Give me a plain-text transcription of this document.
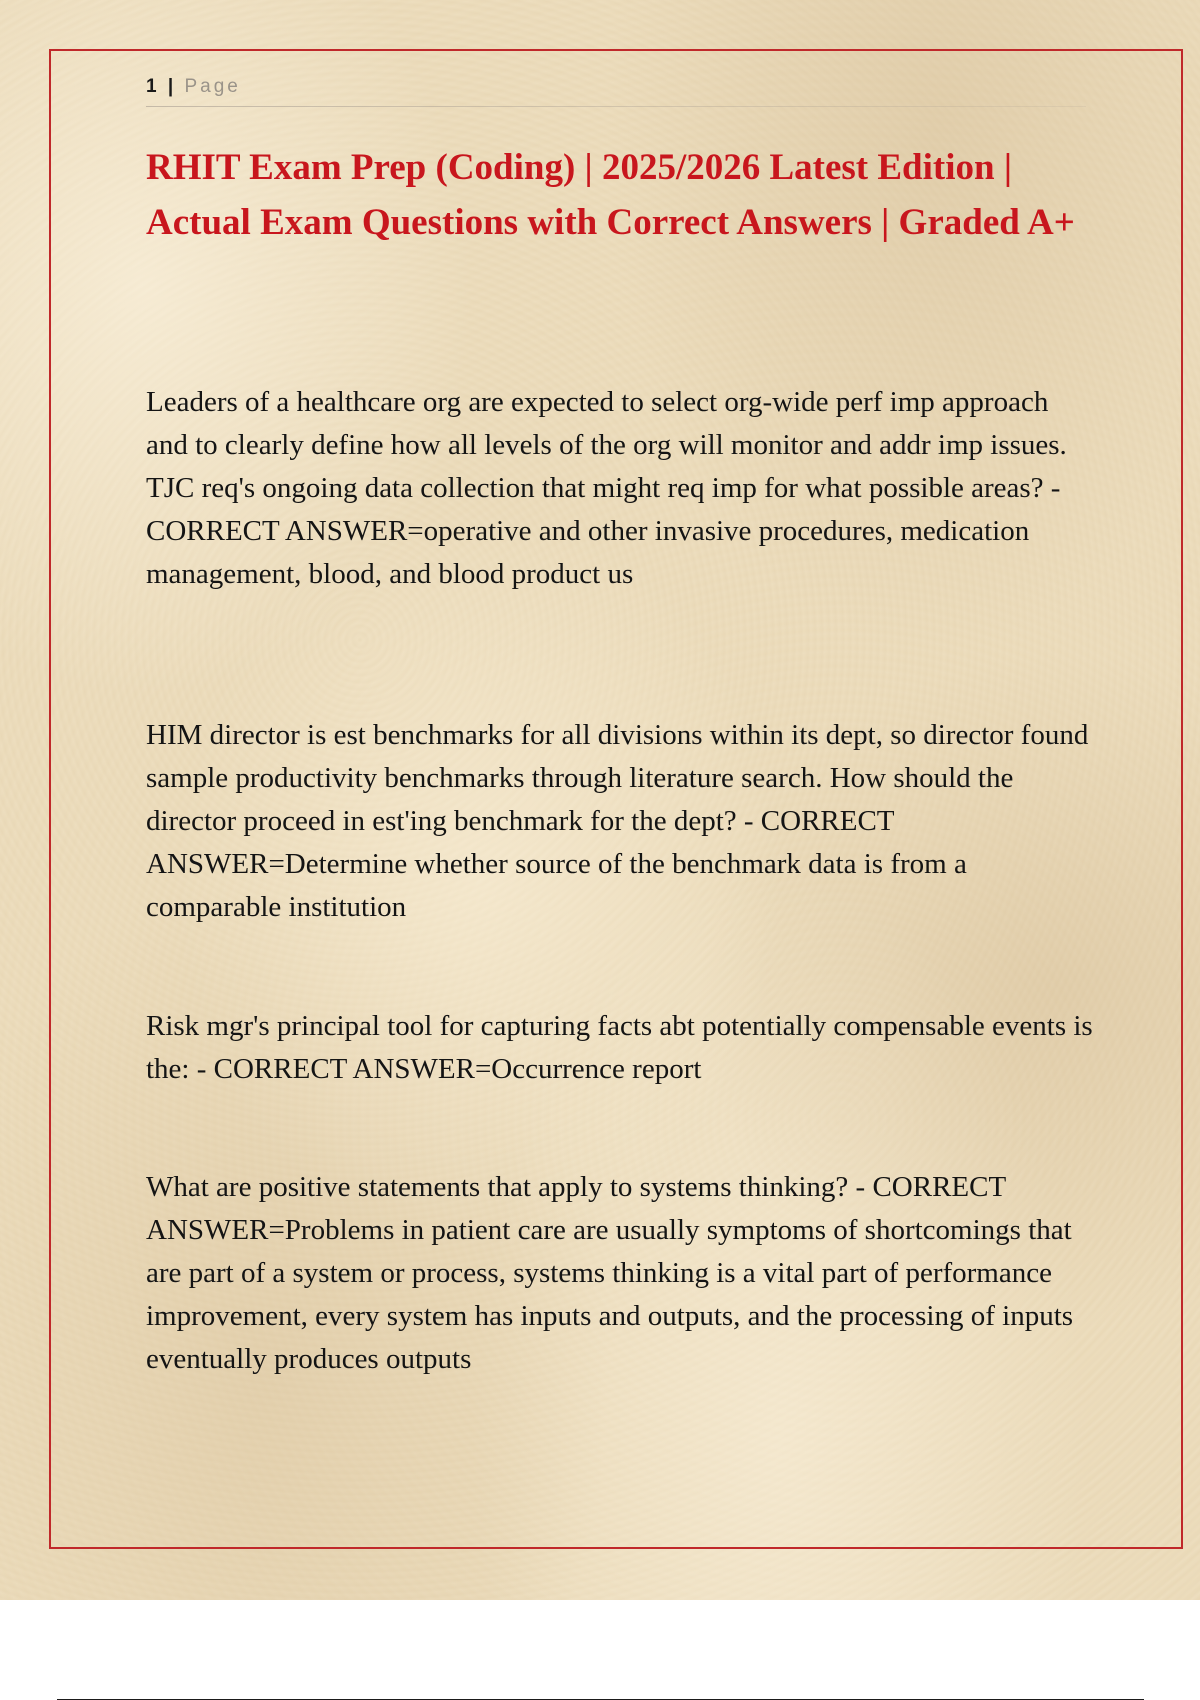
1 | Page
RHIT Exam Prep (Coding) | 2025/2026 Latest Edition | Actual Exam Questions with Correct Answers | Graded A+

Leaders of a healthcare org are expected to select org-wide perf imp approach and to clearly define how all levels of the org will monitor and addr imp issues. TJC req's ongoing data collection that might req imp for what possible areas? - CORRECT ANSWER=operative and other invasive procedures, medication management, blood, and blood product us

HIM director is est benchmarks for all divisions within its dept, so director found sample productivity benchmarks through literature search. How should the director proceed in est'ing benchmark for the dept? - CORRECT ANSWER=Determine whether source of the benchmark data is from a comparable institution

Risk mgr's principal tool for capturing facts abt potentially compensable events is the: - CORRECT ANSWER=Occurrence report

What are positive statements that apply to systems thinking? - CORRECT ANSWER=Problems in patient care are usually symptoms of shortcomings that are part of a system or process, systems thinking is a vital part of performance improvement, every system has inputs and outputs, and the processing of inputs eventually produces outputs
